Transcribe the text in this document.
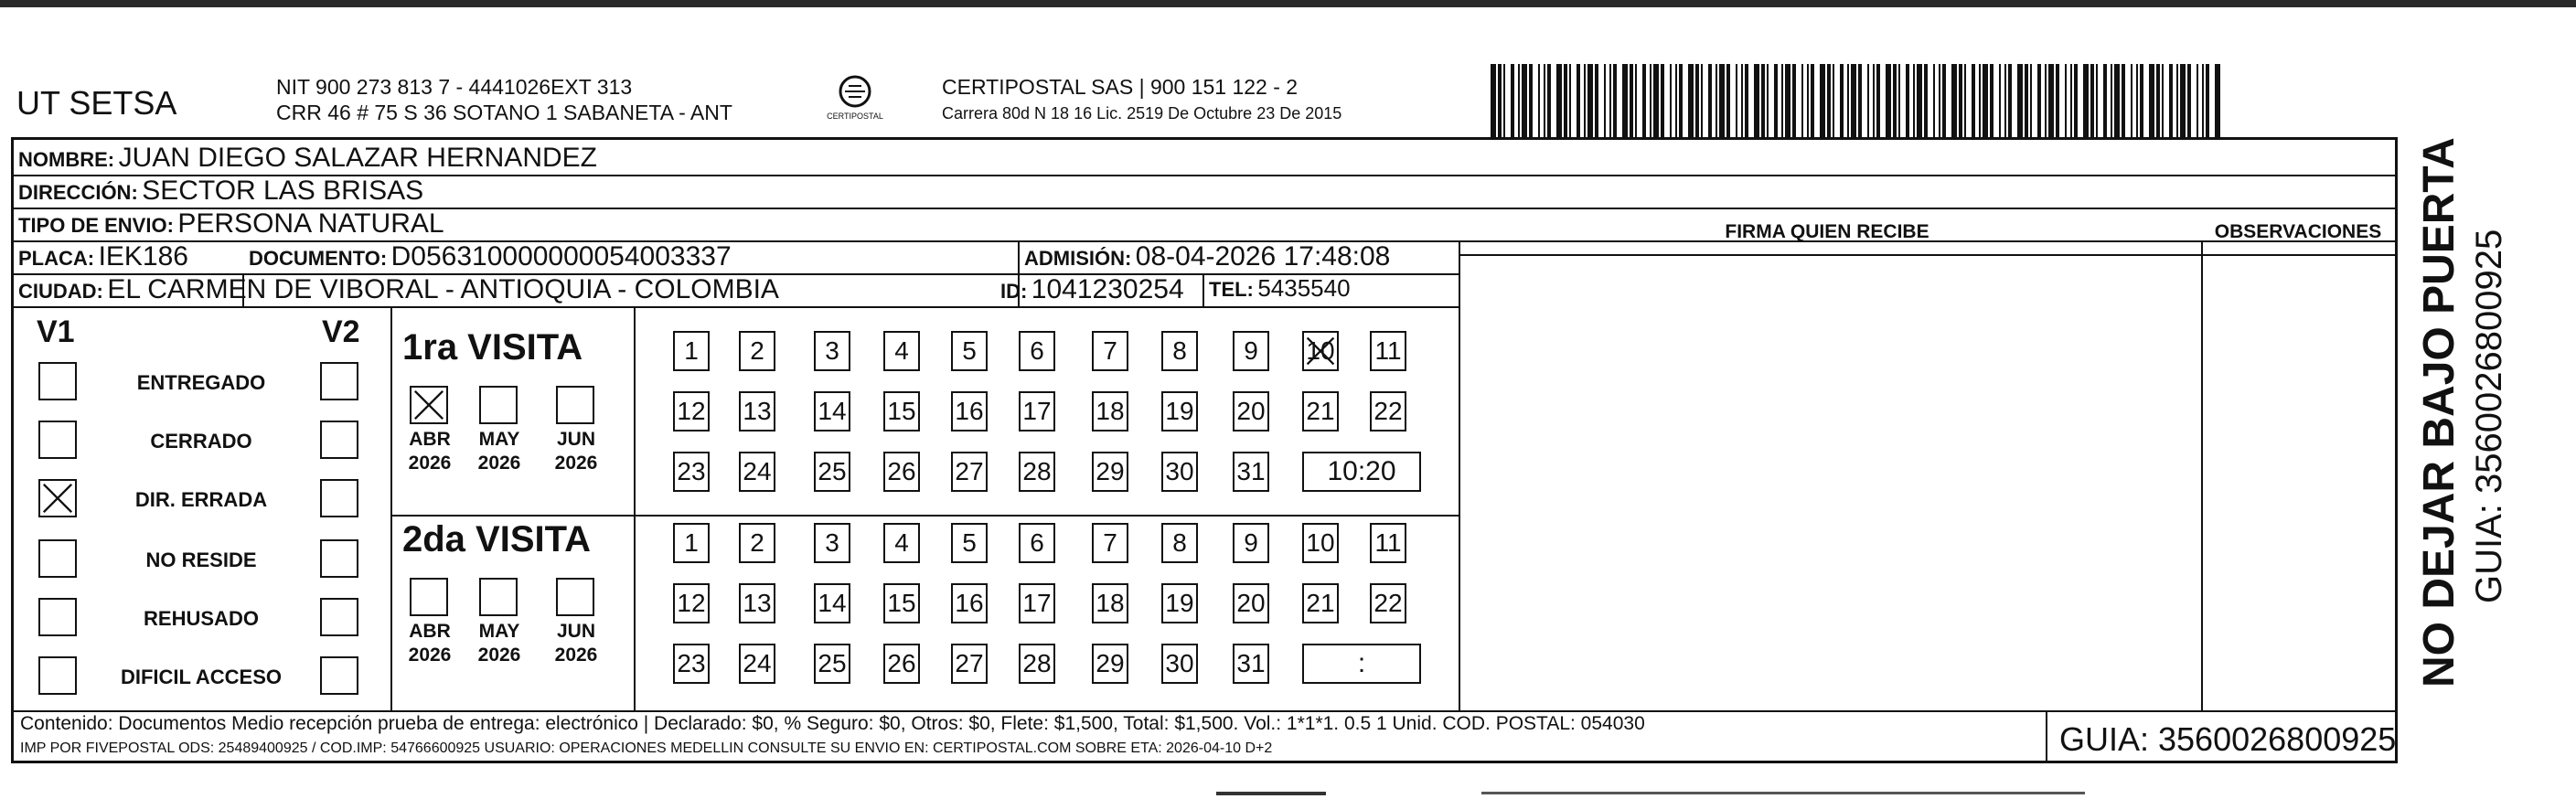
UT SETSA	NIT 900 273 813 7 - 4441026EXT 313
CRR 46 # 75 S 36 SOTANO 1 SABANETA - ANT	CERTIPOSTAL
CERTIPOSTAL SAS | 900 151 122 - 2
Carrera 80d N 18 16 Lic. 2519 De Octubre 23 De 2015
NOMBRE: JUAN DIEGO SALAZAR HERNANDEZ
DIRECCIÓN: SECTOR LAS BRISAS
TIPO DE ENVIO: PERSONA NATURAL
PLACA: IEK186	DOCUMENTO: D056310000000054003337	ADMISIÓN: 08-04-2026 17:48:08
CIUDAD: EL CARMEN DE VIBORAL - ANTIOQUIA - COLOMBIA	ID: 1041230254 TEL: 5435540
FIRMA QUIEN RECIBE	OBSERVACIONES
V1	V2
ENTREGADO
CERRADO
DIR. ERRADA
NO RESIDE
REHUSADO
DIFICIL ACCESO
1ra VISITA
ABR
2026
MAY
2026
JUN
2026
1	2	3	4	5	6	7	8	9	10 11
12 13 14 15 16 17 18 19 20 21 22
23 24 25 26 27 28 29 30 31	10:20
2da VISITA
ABR
2026
MAY
2026
JUN
2026
1	2	3	4	5	6	7	8	9	10 11
12 13 14 15 16 17 18 19 20 21 22
23 24 25 26 27 28 29 30 31	:
Contenido: Documentos Medio recepción prueba de entrega: electrónico | Declarado: $0, % Seguro: $0, Otros: $0, Flete: $1,500, Total: $1,500. Vol.: 1*1*1. 0.5 1 Unid. COD. POSTAL: 054030
IMP POR FIVEPOSTAL ODS: 25489400925 / COD.IMP: 54766600925 USUARIO: OPERACIONES MEDELLIN CONSULTE SU ENVIO EN: CERTIPOSTAL.COM SOBRE ETA: 2026-04-10 D+2	GUIA: 3560026800925
NO DEJAR BAJO PUERTA GUIA: 3560026800925
